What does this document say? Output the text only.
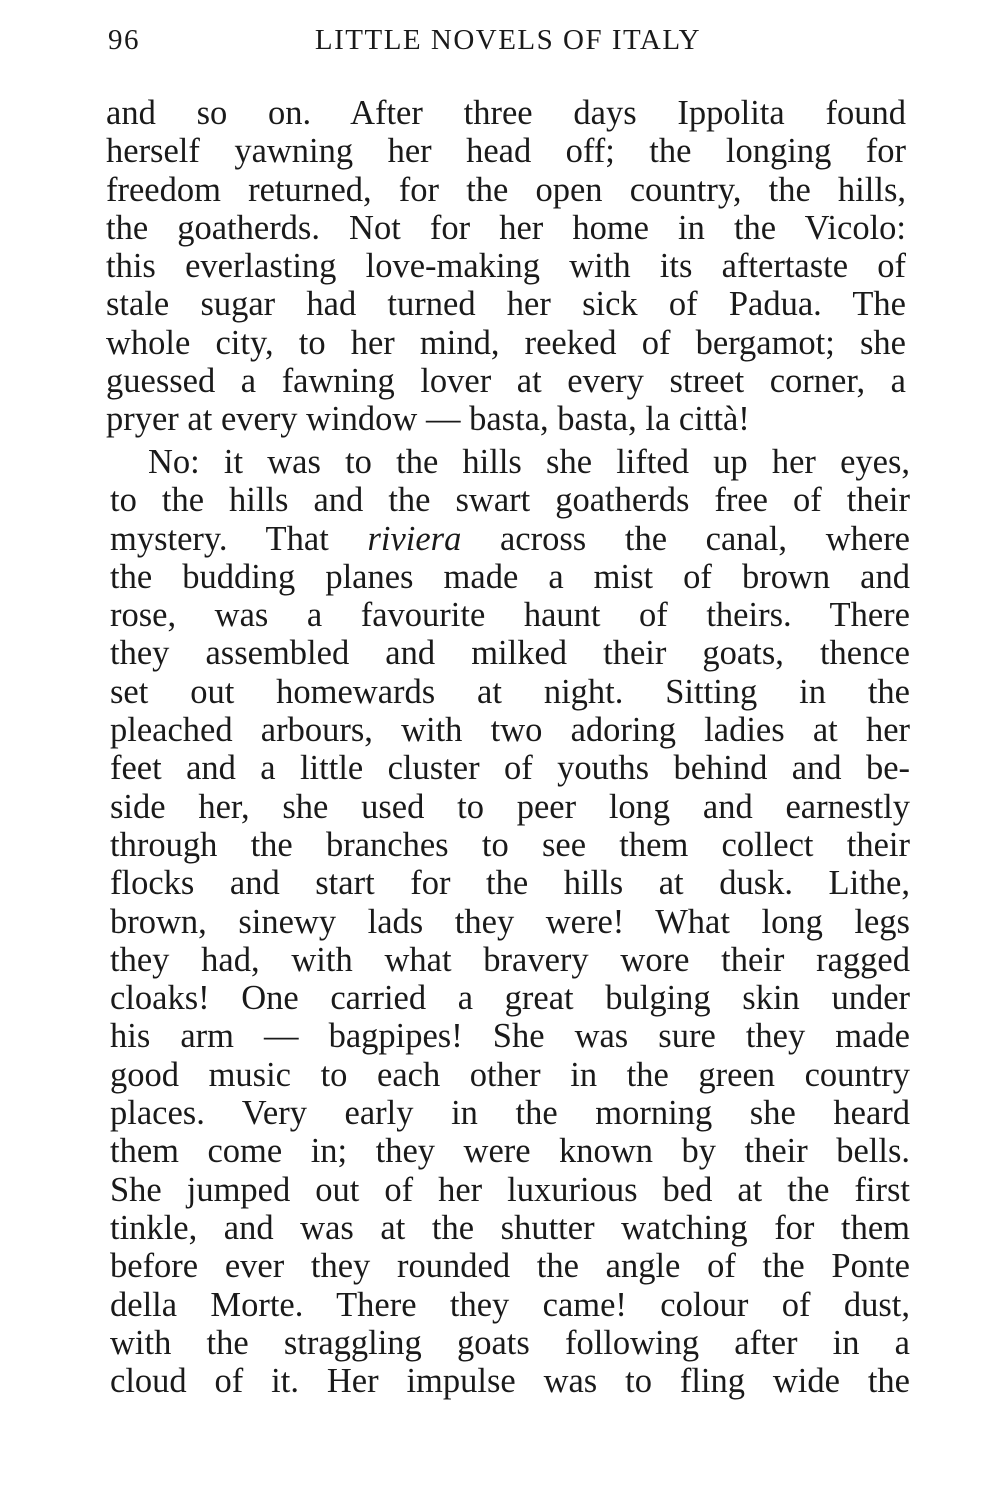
96	LITTLE NOVELS OF ITALY
and so on. After three days Ippolita found
herself yawning her head off; the longing for
freedom returned, for the open country, the hills,
the goatherds. Not for her home in the Vicolo:
this everlasting love-making with its aftertaste of
stale sugar had turned her sick of Padua. The
whole city, to her mind, reeked of bergamot; she
guessed a fawning lover at every street corner, a
pryer at every window — basta, basta, la città!
No: it was to the hills she lifted up her eyes,
to the hills and the swart goatherds free of their
mystery. That riviera across the canal, where
the budding planes made a mist of brown and
rose, was a favourite haunt of theirs. There
they assembled and milked their goats, thence
set out homewards at night. Sitting in the
pleached arbours, with two adoring ladies at her
feet and a little cluster of youths behind and be-
side her, she used to peer long and earnestly
through the branches to see them collect their
flocks and start for the hills at dusk. Lithe,
brown, sinewy lads they were! What long legs
they had, with what bravery wore their ragged
cloaks! One carried a great bulging skin under
his arm — bagpipes! She was sure they made
good music to each other in the green country
places. Very early in the morning she heard
them come in; they were known by their bells.
She jumped out of her luxurious bed at the first
tinkle, and was at the shutter watching for them
before ever they rounded the angle of the Ponte
della Morte. There they came! colour of dust,
with the straggling goats following after in a
cloud of it. Her impulse was to fling wide the
